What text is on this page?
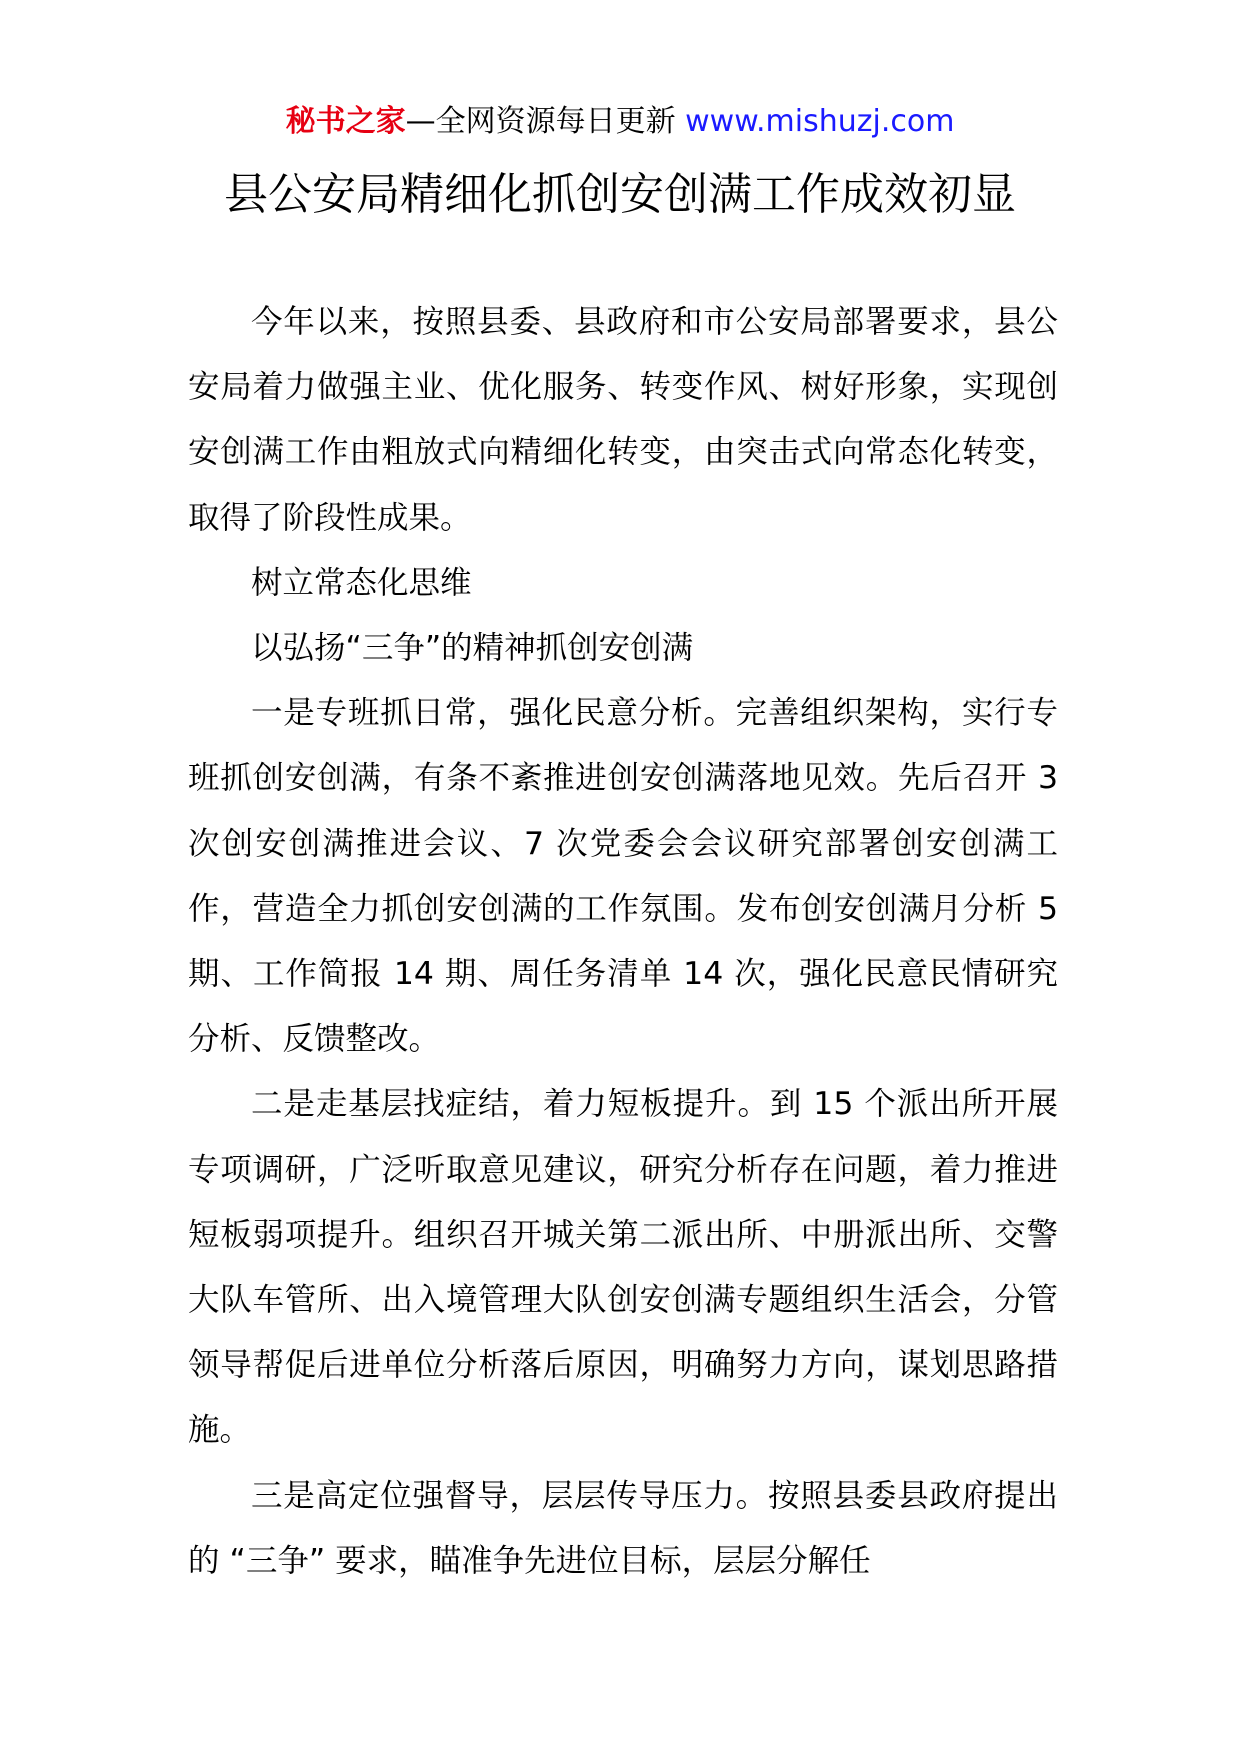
秘书之家—全网资源每日更新 www.mishuzj.com
县公安局精细化抓创安创满工作成效初显

今年以来，按照县委、县政府和市公安局部署要求，县公安局着力做强主业、优化服务、转变作风、树好形象，实现创安创满工作由粗放式向精细化转变，由突击式向常态化转变，取得了阶段性成果。

树立常态化思维

以弘扬“三争”的精神抓创安创满

一是专班抓日常，强化民意分析。完善组织架构，实行专班抓创安创满，有条不紊推进创安创满落地见效。先后召开 3 次创安创满推进会议、7 次党委会会议研究部署创安创满工作，营造全力抓创安创满的工作氛围。发布创安创满月分析 5 期、工作简报 14 期、周任务清单 14 次，强化民意民情研究分析、反馈整改。

二是走基层找症结，着力短板提升。到 15 个派出所开展专项调研，广泛听取意见建议，研究分析存在问题，着力推进短板弱项提升。组织召开城关第二派出所、中册派出所、交警大队车管所、出入境管理大队创安创满专题组织生活会，分管领导帮促后进单位分析落后原因，明确努力方向，谋划思路措施。

三是高定位强督导，层层传导压力。按照县委县政府提出的 “三争” 要求，瞄准争先进位目标，层层分解任
